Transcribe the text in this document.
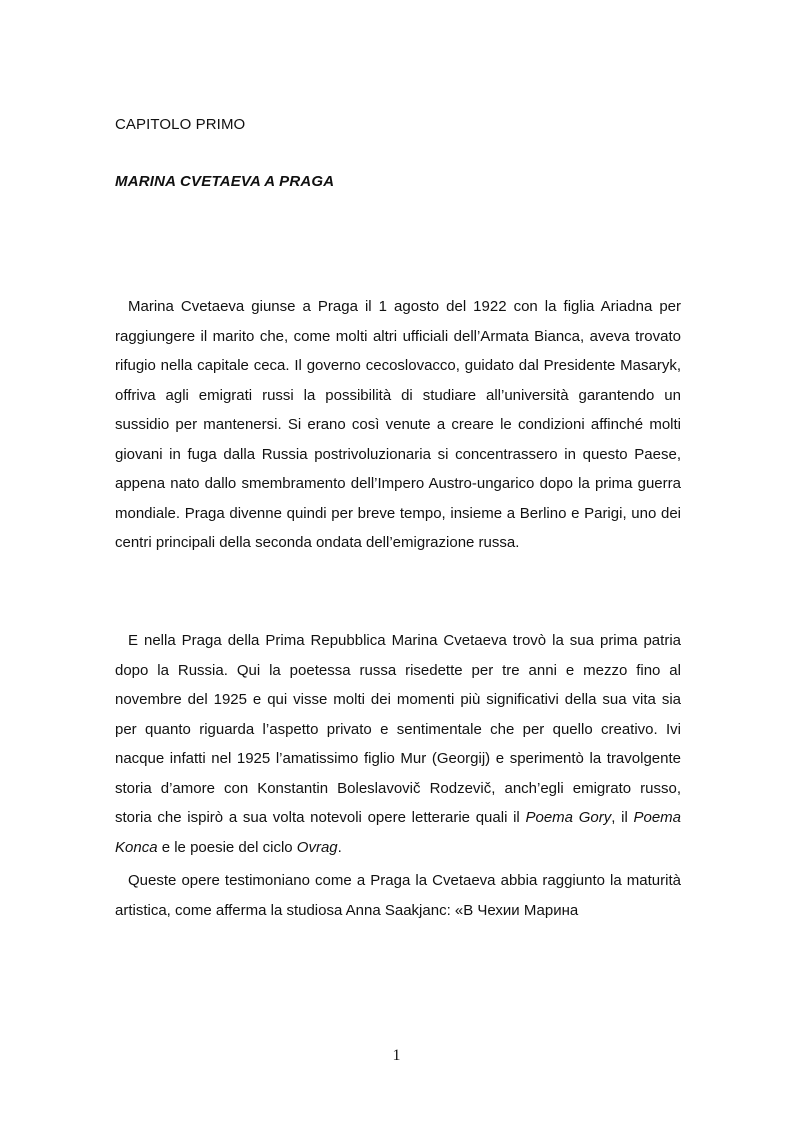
CAPITOLO PRIMO
MARINA CVETAEVA A PRAGA
Marina Cvetaeva giunse a Praga il 1 agosto del 1922 con la figlia Ariadna per raggiungere il marito che, come molti altri ufficiali dell’Armata Bianca, aveva trovato rifugio nella capitale ceca. Il governo cecoslovacco, guidato dal Presidente Masaryk, offriva agli emigrati russi la possibilità di studiare all’università garantendo un sussidio per mantenersi. Si erano così venute a creare le condizioni affinché molti giovani in fuga dalla Russia postrivoluzionaria si concentrassero in questo Paese, appena nato dallo smembramento dell’Impero Austro-ungarico dopo la prima guerra mondiale. Praga divenne quindi per breve tempo, insieme a Berlino e Parigi, uno dei centri principali della seconda ondata dell’emigrazione russa.
E nella Praga della Prima Repubblica Marina Cvetaeva trovò la sua prima patria dopo la Russia. Qui la poetessa russa risedette per tre anni e mezzo fino al novembre del 1925 e qui visse molti dei momenti più significativi della sua vita sia per quanto riguarda l’aspetto privato e sentimentale che per quello creativo. Ivi nacque infatti nel 1925 l’amatissimo figlio Mur (Georgij) e sperimentò la travolgente storia d’amore con Konstantin Boleslavovič Rodzevič, anch’egli emigrato russo, storia che ispirò a sua volta notevoli opere letterarie quali il Poema Gory, il Poema Konca e le poesie del ciclo Ovrag.
Queste opere testimoniano come a Praga la Cvetaeva abbia raggiunto la maturità artistica, come afferma la studiosa Anna Saakjanc: «В Чехии Марина
1
